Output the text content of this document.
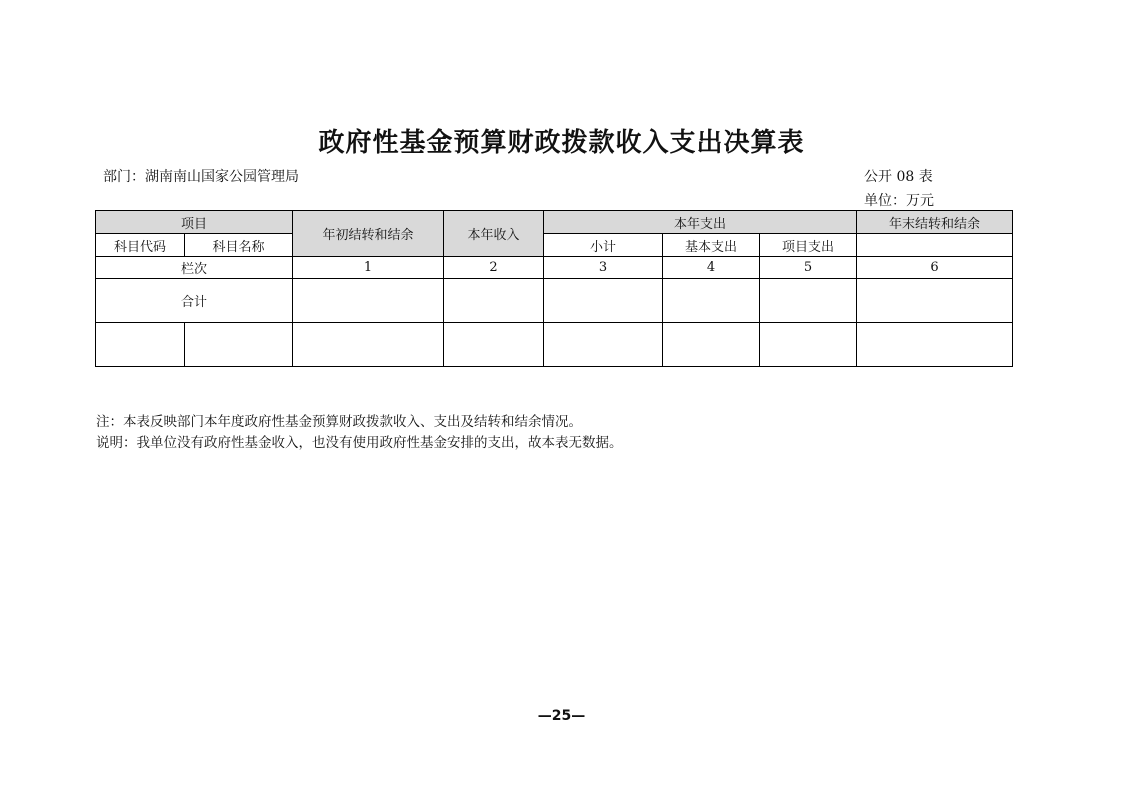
政府性基金预算财政拨款收入支出决算表
部门：湖南南山国家公园管理局	公开 08 表
单位：万元
项目		年初结转和结余	本年收入	本年支出			年末结转和结余
科目代码	科目名称			小计	基本支出	项目支出	

栏次		1	2	3	4	5	6
合计							

注：本表反映部门本年度政府性基金预算财政拨款收入、支出及结转和结余情况。
说明：我单位没有政府性基金收入，也没有使用政府性基金安排的支出，故本表无数据。
—25—
